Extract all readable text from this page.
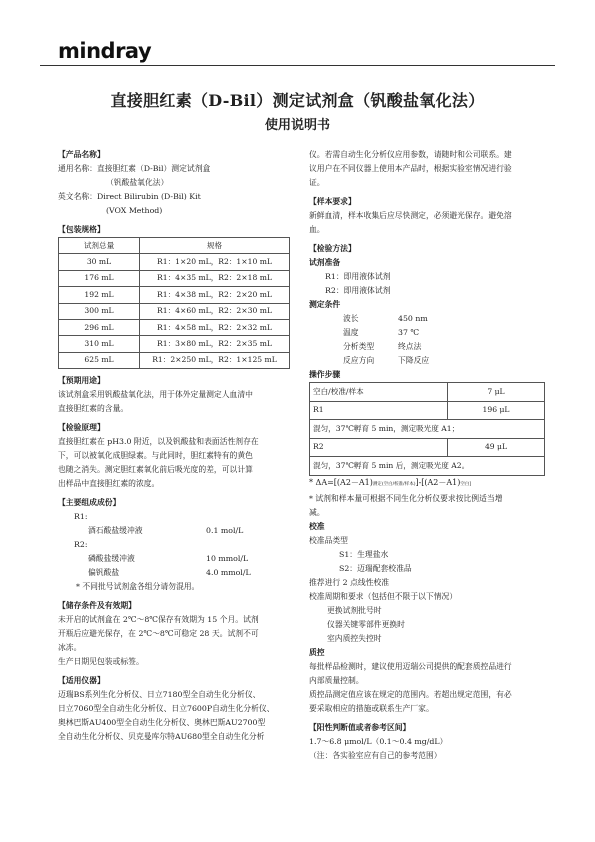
mindray
直接胆红素（D-Bil）测定试剂盒（钒酸盐氧化法）
使用说明书
【产品名称】

通用名称：直接胆红素（D-Bil）测定试剂盒

（钒酸盐氧化法）

英文名称：Direct Bilirubin (D-Bil) Kit

(VOX Method)

【包装规格】
试剂总量	规格
30 mL	R1：1×20 mL，R2：1×10 mL
176 mL	R1：4×35 mL，R2：2×18 mL
192 mL	R1：4×38 mL，R2：2×20 mL
300 mL	R1：4×60 mL，R2：2×30 mL
296 mL	R1：4×58 mL，R2：2×32 mL
310 mL	R1：3×80 mL，R2：2×35 mL
625 mL	R1：2×250 mL，R2：1×125 mL
【预期用途】

该试剂盒采用钒酸盐氧化法，用于体外定量测定人血清中

直接胆红素的含量。

【检验原理】

直接胆红素在 pH3.0 附近，以及钒酸盐和表面活性剂存在

下，可以被氧化成胆绿素。与此同时，胆红素特有的黄色

也随之消失。测定胆红素氧化前后吸光度的差，可以计算

出样品中直接胆红素的浓度。

【主要组成成份】

R1:

酒石酸盐缓冲液	0.1 mol/L

R2:

磷酸盐缓冲液	10 mmol/L
偏钒酸盐	4.0 mmol/L

* 不同批号试剂盒各组分请勿混用。

【储存条件及有效期】

未开启的试剂盒在 2℃～8℃保存有效期为 15 个月。试剂

开瓶后应避光保存，在 2℃～8℃可稳定 28 天。试剂不可

冰冻。

生产日期见包装或标签。

【适用仪器】

迈瑞BS系列生化分析仪、日立7180型全自动生化分析仪、

日立7060型全自动生化分析仪、日立7600P自动生化分析仪、

奥林巴斯AU400型全自动生化分析仪、奥林巴斯AU2700型

全自动生化分析仪、贝克曼库尔特AU680型全自动生化分析

仪。若需自动生化分析仪应用参数，请随时和公司联系。建

议用户在不同仪器上使用本产品时，根据实验室情况进行验

证。

【样本要求】

新鲜血清，样本收集后应尽快测定，必须避光保存。避免溶

血。

【检验方法】

试剂准备

R1：即用液体试剂

R2：即用液体试剂

测定条件

波长	450 nm
温度	37 ℃
分析类型	终点法
反应方向	下降反应

操作步骤

空白/校准/样本	7 μL
R1	196 μL
混匀，37℃孵育 5 min，测定吸光度 A1；	
R2	49 μL
混匀，37℃孵育 5 min 后，测定吸光度 A2。	

* ΔA=[(A2－A1)测定(空白/校准/样本)]-[(A2－A1)空白]

* 试剂和样本量可根据不同生化分析仪要求按比例适当增

减。

校准

校准品类型

S1：生理盐水

S2：迈瑞配套校准品

推荐进行 2 点线性校准

校准周期和要求（包括但不限于以下情况）

更换试剂批号时

仪器关键零部件更换时

室内质控失控时

质控

每批样品检测时，建议使用迈瑞公司提供的配套质控品进行

内部质量控制。

质控品测定值应该在规定的范围内。若超出规定范围，有必

要采取相应的措施或联系生产厂家。

【阳性判断值或者参考区间】

1.7～6.8 μmol/L（0.1～0.4 mg/dL）

（注：各实验室应有自己的参考范围）
